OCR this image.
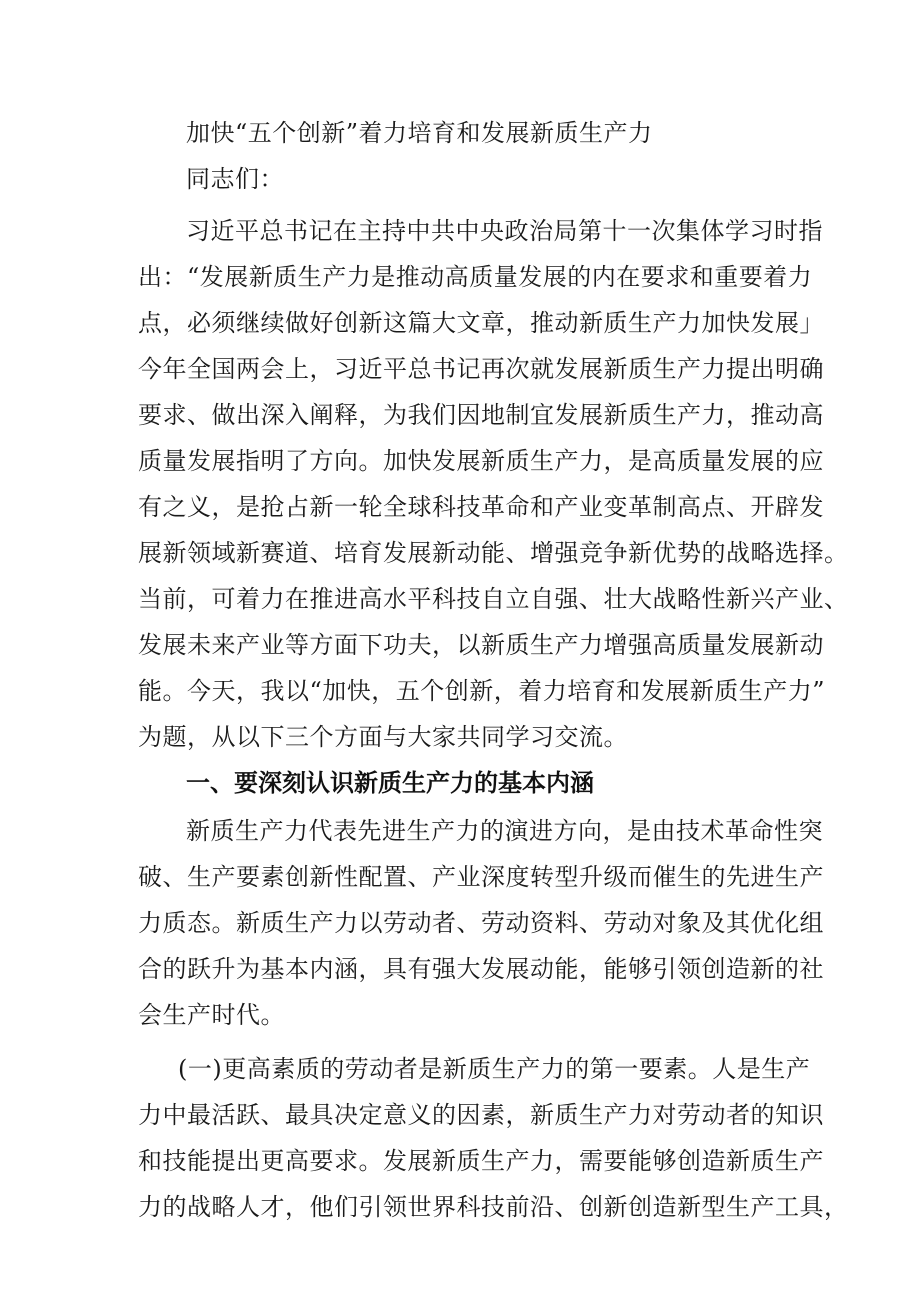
加快“五个创新”着力培育和发展新质生产力
同志们：
习近平总书记在主持中共中央政治局第十一次集体学习时指
出：“发展新质生产力是推动高质量发展的内在要求和重要着力
点，必须继续做好创新这篇大文章，推动新质生产力加快发展」
今年全国两会上，习近平总书记再次就发展新质生产力提出明确
要求、做出深入阐释，为我们因地制宜发展新质生产力，推动高
质量发展指明了方向。加快发展新质生产力，是高质量发展的应
有之义，是抢占新一轮全球科技革命和产业变革制高点、开辟发
展新领域新赛道、培育发展新动能、增强竞争新优势的战略选择。
当前，可着力在推进高水平科技自立自强、壮大战略性新兴产业、
发展未来产业等方面下功夫，以新质生产力增强高质量发展新动
能。今天，我以“加快，五个创新，着力培育和发展新质生产力”
为题，从以下三个方面与大家共同学习交流。
一、要深刻认识新质生产力的基本内涵
新质生产力代表先进生产力的演进方向，是由技术革命性突
破、生产要素创新性配置、产业深度转型升级而催生的先进生产
力质态。新质生产力以劳动者、劳动资料、劳动对象及其优化组
合的跃升为基本内涵，具有强大发展动能，能够引领创造新的社
会生产时代。
(一)更高素质的劳动者是新质生产力的第一要素。人是生产
力中最活跃、最具决定意义的因素，新质生产力对劳动者的知识
和技能提出更高要求。发展新质生产力，需要能够创造新质生产
力的战略人才，他们引领世界科技前沿、创新创造新型生产工具，
